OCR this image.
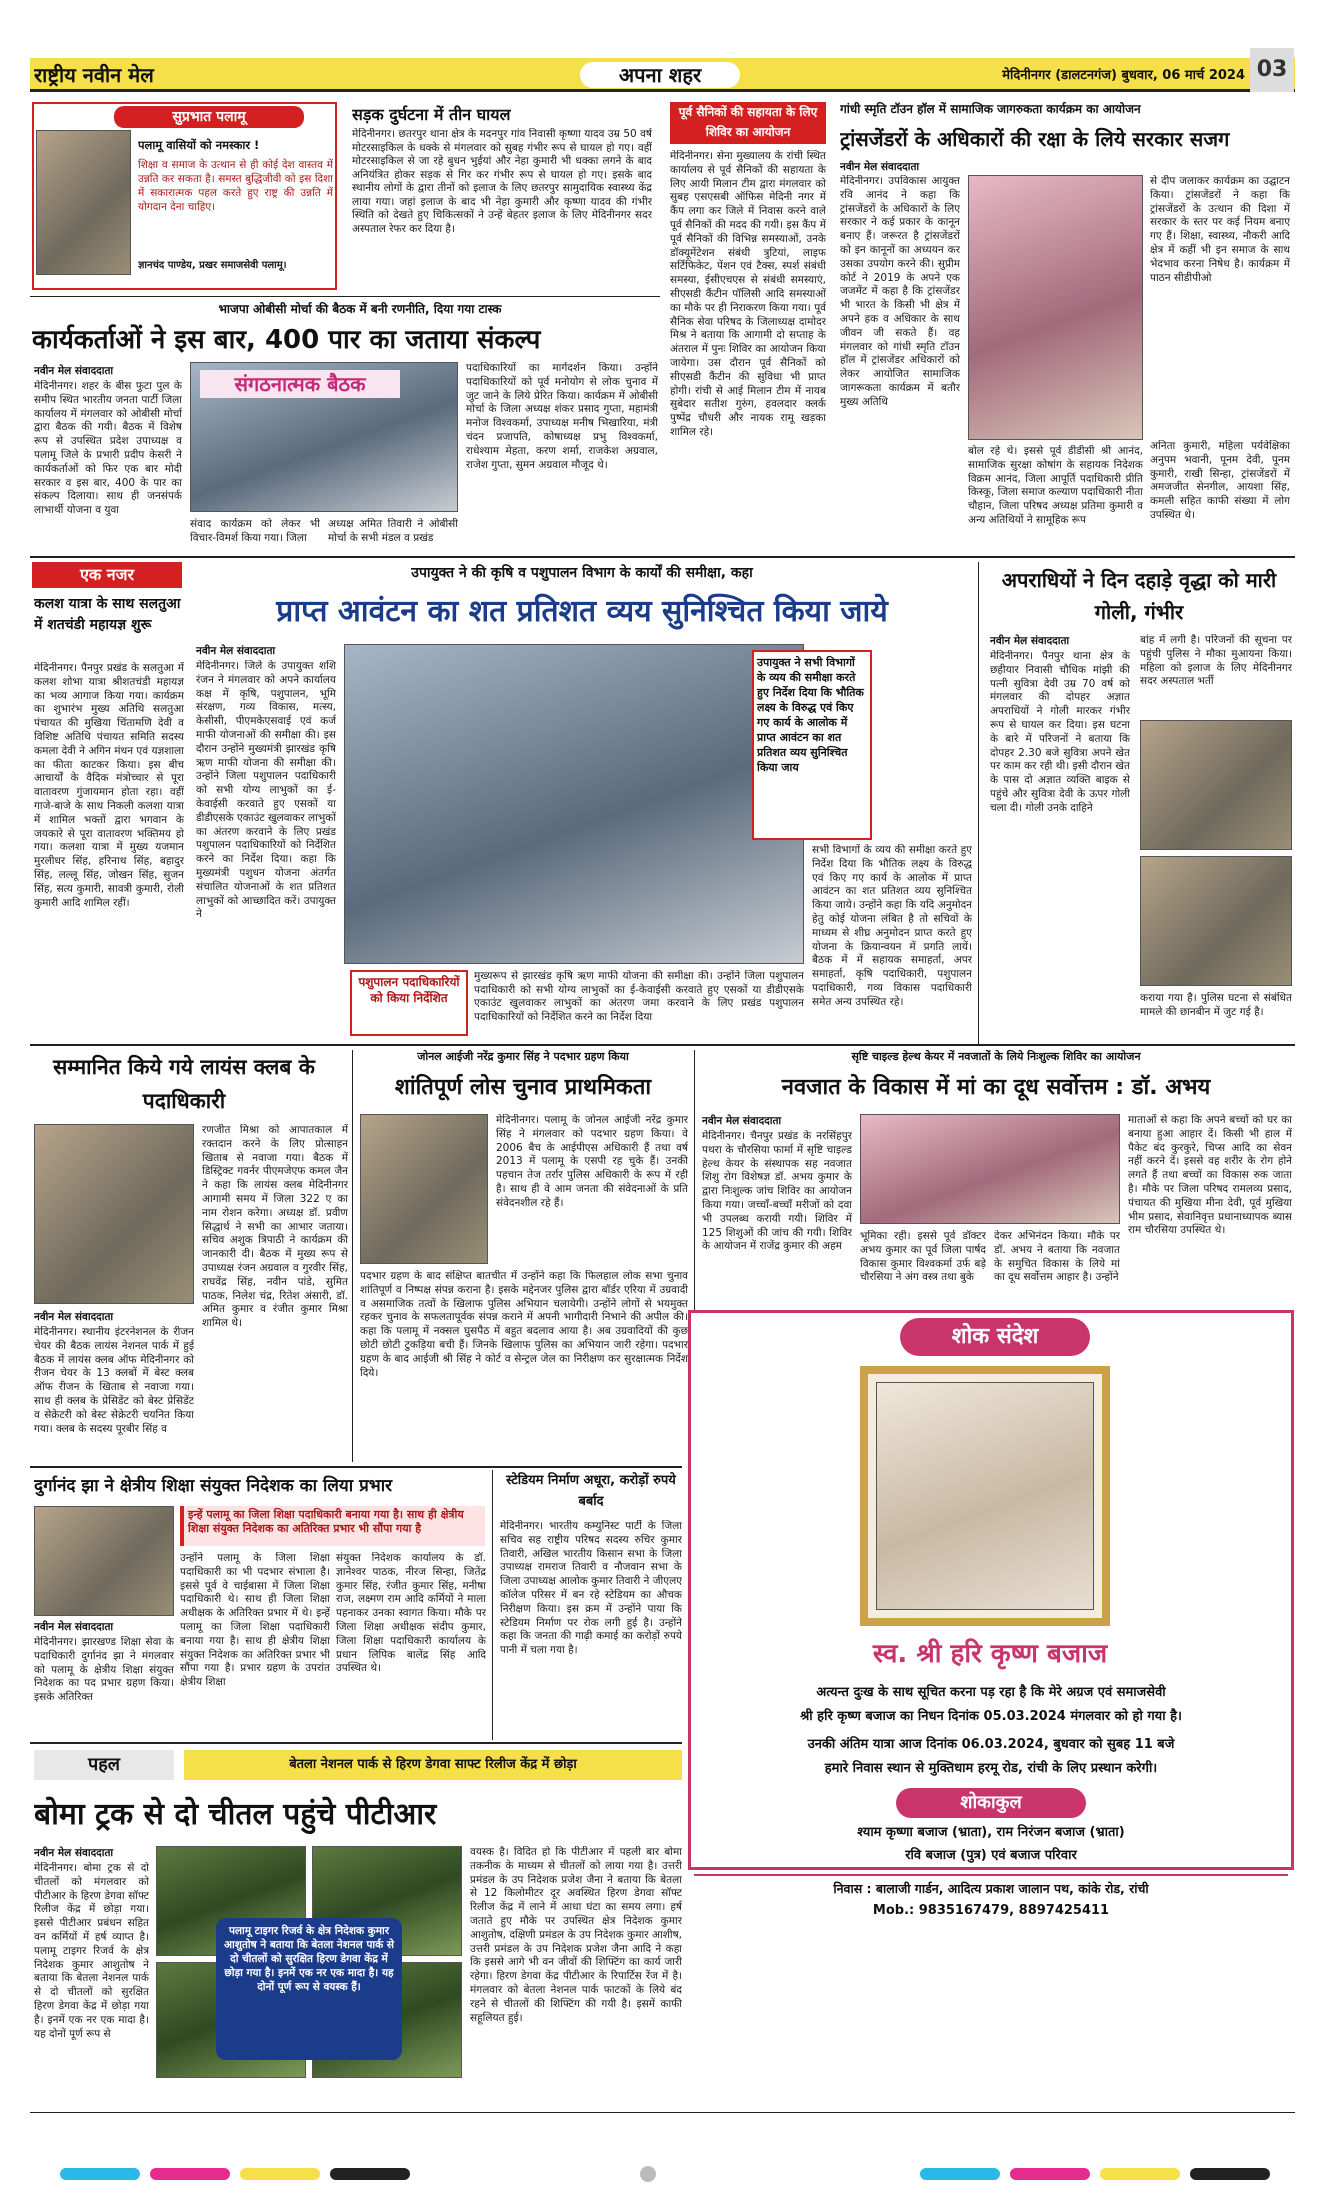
राष्ट्रीय नवीन मेल	अपना शहर	मेदिनीनगर (डालटनगंज) बुधवार, 06 मार्च 2024 03
सुप्रभात पलामू
पलामू वासियों को नमस्कार !
शिक्षा व समाज के उत्थान से ही कोई देश वास्तव में उन्नति कर सकता है। समस्त बुद्धिजीवी को इस दिशा में सकारात्मक पहल करते हुए राष्ट्र की उन्नति में योगदान देना चाहिए।
ज्ञानचंद पाण्डेय, प्रखर समाजसेवी पलामू।
सड़क दुर्घटना में तीन घायल
मेदिनीनगर। छतरपुर थाना क्षेत्र के मदनपुर गांव निवासी कृष्णा यादव उम्र 50 वर्ष मोटरसाइकिल के धक्के से मंगलवार को सुबह गंभीर रूप से घायल हो गए। वहीं मोटरसाइकिल से जा रहे बुधन भुईयां और नेहा कुमारी भी धक्का लगने के बाद अनियंत्रित होकर सड़क से गिर कर गंभीर रूप से घायल हो गए। इसके बाद स्थानीय लोगों के द्वारा तीनों को इलाज के लिए छतरपुर सामुदायिक स्वास्थ्य केंद्र लाया गया। जहां इलाज के बाद भी नेहा कुमारी और कृष्णा यादव की गंभीर स्थिति को देखते हुए चिकित्सकों ने उन्हें बेहतर इलाज के लिए मेदिनीनगर सदर अस्पताल रेफर कर दिया है।
पूर्व सैनिकों की सहायता के लिए शिविर का आयोजन
मेदिनीनगर। सेना मुख्यालय के रांची स्थित कार्यालय से पूर्व सैनिकों की सहायता के लिए आयी मिलान टीम द्वारा मंगलवार को सुबह एसएसबी ऑफिस मेदिनी नगर में कैंप लगा कर जिले में निवास करने वाले पूर्व सैनिकों की मदद की गयी। इस कैंप में पूर्व सैनिकों की विभिन्न समस्याओं, उनके डॉक्यूमेंटेशन संबंधी त्रुटियां, लाइफ सर्टिफिकेट, पेंशन एवं टैक्स, स्पर्श संबंधी समस्या, ईसीएचएस से संबंधी समस्याएं, सीएसडी कैंटीन पॉलिसी आदि समस्याओं का मौके पर ही निराकरण किया गया। पूर्व सैनिक सेवा परिषद के जिलाध्यक्ष दामोदर मिश्र ने बताया कि आगामी दो सप्ताह के अंतराल में पुनः शिविर का आयोजन किया जायेगा। उस दौरान पूर्व सैनिकों को सीएसडी कैंटीन की सुविधा भी प्राप्त होगी। रांची से आई मिलान टीम में नायब सुबेदार सतीश गुरुंग, हवलदार क्लर्क पुष्पेंद्र चौधरी और नायक रामू खड़का शामिल रहे।
गांधी स्मृति टॉउन हॉल में सामाजिक जागरुकता कार्यक्रम का आयोजन
ट्रांसजेंडरों के अधिकारों की रक्षा के लिये सरकार सजग
नवीन मेल संवाददाता
मेदिनीनगर। उपविकास आयुक्त रवि आनंद ने कहा कि ट्रांसजेंडरों के अधिकारों के लिए सरकार ने कई प्रकार के कानून बनाए हैं। जरूरत है ट्रांसजेंडरों को इन कानूनों का अध्ययन कर उसका उपयोग करने की। सुप्रीम कोर्ट ने 2019 के अपने एक जजमेंट में कहा है कि ट्रांसजेंडर भी भारत के किसी भी क्षेत्र में अपने हक व अधिकार के साथ जीवन जी सकते हैं। वह मंगलवार को गांधी स्मृति टॉउन हॉल में ट्रांसजेंडर अधिकारों को लेकर आयोजित सामाजिक जागरूकता कार्यक्रम में बतौर मुख्य अतिथि
बोल रहे थे। इससे पूर्व डीडीसी श्री आनंद, सामाजिक सुरक्षा कोषांग के सहायक निदेशक विक्रम आनंद, जिला आपूर्ति पदाधिकारी प्रीति किस्कू, जिला समाज कल्याण पदाधिकारी नीता चौहान, जिला परिषद अध्यक्ष प्रतिमा कुमारी व अन्य अतिथियों ने सामूहिक रूप
से दीप जलाकर कार्यक्रम का उद्घाटन किया। ट्रांसजेंडरों ने कहा कि ट्रांसजेंडरों के उत्थान की दिशा में सरकार के स्तर पर कई नियम बनाए गए हैं। शिक्षा, स्वास्थ्य, नौकरी आदि क्षेत्र में कहीं भी इन समाज के साथ भेदभाव करना निषेध है। कार्यक्रम में पाठन सीडीपीओ
अनिता कुमारी, महिला पर्यवेक्षिका अनुपम भवानी, पूनम देवी, पूनम कुमारी, राखी सिन्हा, ट्रांसजेंडरों में अमजजीत सेनगील, आयशा सिंह, कमली सहित काफी संख्या में लोग उपस्थित थे।
भाजपा ओबीसी मोर्चा की बैठक में बनी रणनीति, दिया गया टास्क
कार्यकर्ताओं ने इस बार, 400 पार का जताया संकल्प
नवीन मेल संवाददाता
मेदिनीनगर। शहर के बीस फुटा पुल के समीप स्थित भारतीय जनता पार्टी जिला कार्यालय में मंगलवार को ओबीसी मोर्चा द्वारा बैठक की गयी। बैठक में विशेष रूप से उपस्थित प्रदेश उपाध्यक्ष व पलामू जिले के प्रभारी प्रदीप केसरी ने कार्यकर्ताओं को फिर एक बार मोदी सरकार व इस बार, 400 के पार का संकल्प दिलाया। साथ ही जनसंपर्क लाभार्थी योजना व युवा
संगठनात्मक बैठक
संवाद कार्यक्रम को लेकर भी विचार-विमर्श किया गया। जिला
अध्यक्ष अमित तिवारी ने ओबीसी मोर्चा के सभी मंडल व प्रखंड
पदाधिकारियों का मार्गदर्शन किया। उन्होंने पदाधिकारियों को पूर्व मनोयोग से लोक चुनाव में जुट जाने के लिये प्रेरित किया। कार्यक्रम में ओबीसी मोर्चा के जिला अध्यक्ष शंकर प्रसाद गुप्ता, महामंत्री मनोज विश्वकर्मा, उपाध्यक्ष मनीष भिखारिया, मंत्री चंदन प्रजापति, कोषाध्यक्ष प्रभु विश्वकर्मा, राधेश्याम मेहता, करण शर्मा, राजकेश अग्रवाल, राजेश गुप्ता, सुमन अग्रवाल मौजूद थे।
एक नजर
कलश यात्रा के साथ सलतुआ में शतचंडी महायज्ञ शुरू
मेदिनीनगर। पैनपुर प्रखंड के सलतुआ में कलश शोभा यात्रा श्रीशतचंडी महायज्ञ का भव्य आगाज किया गया। कार्यक्रम का शुभारंभ मुख्य अतिथि सलतुआ पंचायत की मुखिया चिंतामणि देवी व विशिष्ट अतिथि पंचायत समिति सदस्य कमला देवी ने अगिन मंथन एवं यज्ञशाला का फीता काटकर किया। इस बीच आचार्यों के वैदिक मंत्रोच्चार से पूरा वातावरण गुंजायमान होता रहा। वहीं गाजे-बाजे के साथ निकली कलशा यात्रा में शामिल भक्तों द्वारा भगवान के जयकारे से पूरा वातावरण भक्तिमय हो गया। कलशा यात्रा में मुख्य यजमान मुरलीधर सिंह, हरिनाथ सिंह, बहादुर सिंह, लल्लू सिंह, जोखन सिंह, सुजन सिंह, सत्य कुमारी, सावत्री कुमारी, रोली कुमारी आदि शामिल रहीं।
उपायुक्त ने की कृषि व पशुपालन विभाग के कार्यों की समीक्षा, कहा
प्राप्त आवंटन का शत प्रतिशत व्यय सुनिश्चित किया जाये
नवीन मेल संवाददाता
मेदिनीनगर। जिले के उपायुक्त शशि रंजन ने मंगलवार को अपने कार्यालय कक्ष में कृषि, पशुपालन, भूमि संरक्षण, गव्य विकास, मत्स्य, केसीसी, पीएमकेएसवाई एवं कर्ज माफी योजनाओं की समीक्षा की। इस दौरान उन्होंने मुख्यमंत्री झारखंड कृषि ऋण माफी योजना की समीक्षा की। उन्होंने जिला पशुपालन पदाधिकारी को सभी योग्य लाभुकों का ई-केवाईसी करवाते हुए एसकों या डीडीएसके एकाउंट खुलवाकर लाभुकों का अंतरण करवाने के लिए प्रखंड पशुपालन पदाधिकारियों को निर्देशित करने का निर्देश दिया। कहा कि मुख्यमंत्री पशुधन योजना अंतर्गत संचालित योजनाओं के शत प्रतिशत लाभुकों को आच्छादित करें। उपायुक्त ने
पशुपालन पदाधिकारियों को किया निर्देशित
मुख्यरूप से झारखंड कृषि ऋण माफी योजना की समीक्षा की। उन्होंने जिला पशुपालन पदाधिकारी को सभी योग्य लाभुकों का ई-केवाईसी करवाते हुए एसकों या डीडीएसके एकाउंट खुलवाकर लाभुकों का अंतरण जमा करवाने के लिए प्रखंड पशुपालन पदाधिकारियों को निर्देशित करने का निर्देश दिया
उपायुक्त ने सभी विभागों के व्यय की समीक्षा करते हुए निर्देश दिया कि भौतिक लक्ष्य के विरुद्ध एवं किए गए कार्य के आलोक में प्राप्त आवंटन का शत प्रतिशत व्यय सुनिश्चित किया जाय
सभी विभागों के व्यय की समीक्षा करते हुए निर्देश दिया कि भौतिक लक्ष्य के विरुद्ध एवं किए गए कार्य के आलोक में प्राप्त आवंटन का शत प्रतिशत व्यय सुनिश्चित किया जाये। उन्होंने कहा कि यदि अनुमोदन हेतु कोई योजना लंबित है तो सचिवों के माध्यम से शीघ्र अनुमोदन प्राप्त करते हुए योजना के क्रियान्वयन में प्रगति लायें। बैठक में में सहायक समाहर्ता, अपर समाहर्ता, कृषि पदाधिकारी, पशुपालन पदाधिकारी, गव्य विकास पदाधिकारी समेत अन्य उपस्थित रहे।
अपराधियों ने दिन दहाड़े वृद्धा को मारी गोली, गंभीर
नवीन मेल संवाददाता
मेदिनीनगर। पैनपुर थाना क्षेत्र के छहीयार निवासी चौधिक मांझी की पत्नी सुवित्रा देवी उम्र 70 वर्ष को मंगलवार की दोपहर अज्ञात अपराधियों ने गोली मारकर गंभीर रूप से घायल कर दिया। इस घटना के बारे में परिजनों ने बताया कि दोपहर 2.30 बजे सुवित्रा अपने खेत पर काम कर रही थी। इसी दौरान खेत के पास दो अज्ञात व्यक्ति बाइक से पहुंचे और सुवित्रा देवी के ऊपर गोली चला दी। गोली उनके दाहिने
बांह में लगी है। परिजनों की सूचना पर पहुंची पुलिस ने मौका मुआयना किया। महिला को इलाज के लिए मेदिनीनगर सदर अस्पताल भर्ती
कराया गया है। पुलिस घटना से संबंधित मामले की छानबीन में जुट गई है।
सम्मानित किये गये लायंस क्लब के पदाधिकारी
नवीन मेल संवाददाता
मेदिनीनगर। स्थानीय इंटरनेशनल के रीजन चेयर की बैठक लायंस नेशनल पार्क में हुई बैठक में लायंस क्लब ऑफ मेदिनीनगर को रीजन चेयर के 13 क्लबों में बेस्ट क्लब ऑफ रीजन के खिताब से नवाजा गया। साथ ही क्लब के प्रेसिडेंट को बेस्ट प्रेसिडेंट व सेक्रेटरी को बेस्ट सेक्रेटरी चयनित किया गया। क्लब के सदस्य पूरबीर सिंह व
रणजीत मिश्रा को आपातकाल में रक्तदान करने के लिए प्रोत्साहन खिताब से नवाजा गया। बैठक में डिस्ट्रिक्ट गवर्नर पीएमजेएफ कमल जैन ने कहा कि लायंस क्लब मेदिनीनगर आगामी समय में जिला 322 ए का नाम रोशन करेगा। अध्यक्ष डॉ. प्रवीण सिद्धार्थ ने सभी का आभार जताया। सचिव अशुक त्रिपाठी ने कार्यक्रम की जानकारी दी। बैठक में मुख्य रूप से उपाध्यक्ष रंजन अग्रवाल व गुरवीर सिंह, राघवेंद्र सिंह, नवीन पांडे, सुमित पाठक, निलेश चंद्र, रितेश अंसारी, डॉ. अमित कुमार व रंजीत कुमार मिश्रा शामिल थे।
जोनल आईजी नरेंद्र कुमार सिंह ने पदभार ग्रहण किया
शांतिपूर्ण लोस चुनाव प्राथमिकता
मेदिनीनगर। पलामू के जोनल आईजी नरेंद्र कुमार सिंह ने मंगलवार को पदभार ग्रहण किया। वे 2006 बैच के आईपीएस अधिकारी हैं तथा वर्ष 2013 में पलामू के एसपी रह चुके हैं। उनकी पहचान तेज तर्रार पुलिस अधिकारी के रूप में रही है। साथ ही वे आम जनता की संवेदनाओं के प्रति संवेदनशील रहे हैं।
पदभार ग्रहण के बाद संक्षिप्त बातचीत में उन्होंने कहा कि फिलहाल लोक सभा चुनाव शांतिपूर्ण व निष्पक्ष संपन्न कराना है। इसके मद्देनजर पुलिस द्वारा बॉर्डर एरिया में उग्रवादी व असमाजिक तत्वों के खिलाफ पुलिस अभियान चलायेगी। उन्होंने लोगों से भयमुक्त रहकर चुनाव के सफलतापूर्वक संपन्न कराने में अपनी भागीदारी निभाने की अपील की। कहा कि पलामू में नक्सल घुसपैठ में बहुत बदलाव आया है। अब उग्रवादियों की कुछ छोटी छोटी टुकड़िया बची हैं। जिनके खिलाफ पुलिस का अभियान जारी रहेगा। पदभार ग्रहण के बाद आईजी श्री सिंह ने कोर्ट व सेन्ट्रल जेल का निरीक्षण कर सुरक्षात्मक निर्देश दिये।
सृष्टि चाइल्ड हेल्थ केयर में नवजातों के लिये निःशुल्क शिविर का आयोजन
नवजात के विकास में मां का दूध सर्वोत्तम : डॉ. अभय
नवीन मेल संवाददाता
मेदिनीनगर। चैनपुर प्रखंड के नरसिंहपुर पथरा के चौरसिया फार्मा में सृष्टि चाइल्ड हेल्थ केयर के संस्थापक सह नवजात शिशु रोग विशेषज्ञ डॉ. अभय कुमार के द्वारा निःशुल्क जांच शिविर का आयोजन किया गया। जच्चाँ-बच्चाँ मरीजों को दवा भी उपलब्ध करायी गयी। शिविर में 125 शिशुओं की जांच की गयी। शिविर के आयोजन में राजेंद्र कुमार की अहम
भूमिका रही। इससे पूर्व डॉक्टर अभय कुमार का पूर्व जिला पार्षद विकास कुमार विश्वकर्मा उर्फ बड़े चौरसिया ने अंग वस्त्र तथा बुके
देकर अभिनंदन किया। मौके पर डॉ. अभय ने बताया कि नवजात के समुचित विकास के लिये मां का दूध सर्वोत्तम आहार है। उन्होंने
माताओं से कहा कि अपने बच्चों को घर का बनाया हुआ आहार दें। किसी भी हाल में पैकेट बंद कुरकुरे, चिप्स आदि का सेवन नहीं करने दें। इससे वह शरीर के रोग होने लगते हैं तथा बच्चों का विकास रुक जाता है। मौके पर जिला परिषद रामलव्य प्रसाद, पंचायत की मुखिया मीना देवी, पूर्व मुखिया भीम प्रसाद, सेवानिवृत्त प्रधानाध्यापक ब्यास राम चौरसिया उपस्थित थे।
शोक संदेश
स्व. श्री हरि कृष्ण बजाज
अत्यन्त दुःख के साथ सूचित करना पड़ रहा है कि मेरे अग्रज एवं समाजसेवी
श्री हरि कृष्ण बजाज का निधन दिनांक 05.03.2024 मंगलवार को हो गया है।
उनकी अंतिम यात्रा आज दिनांक 06.03.2024, बुधवार को सुबह 11 बजे
हमारे निवास स्थान से मुक्तिधाम हरमू रोड, रांची के लिए प्रस्थान करेगी।
शोकाकुल
श्याम कृष्णा बजाज (भ्राता), राम निरंजन बजाज (भ्राता)
रवि बजाज (पुत्र) एवं बजाज परिवार
निवास : बालाजी गार्डन, आदित्य प्रकाश जालान पथ, कांके रोड, रांची
Mob.: 9835167479, 8897425411
दुर्गानंद झा ने क्षेत्रीय शिक्षा संयुक्त निदेशक का लिया प्रभार
नवीन मेल संवाददाता
मेदिनीनगर। झारखण्ड शिक्षा सेवा के पदाधिकारी दुर्गानंद झा ने मंगलवार को पलामू के क्षेत्रीय शिक्षा संयुक्त निदेशक का पद प्रभार ग्रहण किया। इसके अतिरिक्त
इन्हें पलामू का जिला शिक्षा पदाधिकारी बनाया गया है। साथ ही क्षेत्रीय शिक्षा संयुक्त निदेशक का अतिरिक्त प्रभार भी सौंपा गया है
उन्होंने पलामू के जिला शिक्षा पदाधिकारी का भी पदभार संभाला है। इससे पूर्व वे चाईबासा में जिला शिक्षा पदाधिकारी थे। साथ ही जिला शिक्षा अधीक्षक के अतिरिक्त प्रभार में थे। इन्हें पलामू का जिला शिक्षा पदाधिकारी बनाया गया है। साथ ही क्षेत्रीय शिक्षा संयुक्त निदेशक का अतिरिक्त प्रभार भी सौंपा गया है। प्रभार ग्रहण के उपरांत क्षेत्रीय शिक्षा
संयुक्त निदेशक कार्यालय के डॉ. ज्ञानेश्वर पाठक, नीरज सिन्हा, जितेंद्र कुमार सिंह, रंजीत कुमार सिंह, मनीषा राज, लक्ष्मण राम आदि कर्मियों ने माला पहनाकर उनका स्वागत किया। मौके पर जिला शिक्षा अधीक्षक संदीप कुमार, जिला शिक्षा पदाधिकारी कार्यालय के प्रधान लिपिक बालेंद्र सिंह आदि उपस्थित थे।
स्टेडियम निर्माण अधूरा, करोड़ों रुपये बर्बाद
मेदिनीनगर। भारतीय कम्युनिस्ट पार्टी के जिला सचिव सह राष्ट्रीय परिषद सदस्य रुचिर कुमार तिवारी, अखिल भारतीय किसान सभा के जिला उपाध्यक्ष रामराज तिवारी व नौजवान सभा के जिला उपाध्यक्ष आलोक कुमार तिवारी ने जीएलए कॉलेज परिसर में बन रहे स्टेडियम का औचक निरीक्षण किया। इस क्रम में उन्होंने पाया कि स्टेडियम निर्माण पर रोक लगी हुई है। उन्होंने कहा कि जनता की गाढ़ी कमाई का करोड़ों रुपये पानी में चला गया है।
पहल	बेतला नेशनल पार्क से हिरण डेगवा साफ्ट रिलीज केंद्र में छोड़ा
बोमा ट्रक से दो चीतल पहुंचे पीटीआर
नवीन मेल संवाददाता
मेदिनीनगर। बोमा ट्रक से दो चीतलों को मंगलवार को पीटीआर के हिरण डेगवा सॉफ्ट रिलीज केंद्र में छोड़ा गया। इससे पीटीआर प्रबंधन सहित वन कर्मियों में हर्ष व्याप्त है। पलामू टाइगर रिजर्व के क्षेत्र निदेशक कुमार आशुतोष ने बताया कि बेतला नेशनल पार्क से दो चीतलों को सुरक्षित हिरण डेगवा केंद्र में छोड़ा गया है। इनमें एक नर एक मादा है। यह दोनों पूर्ण रूप से
पलामू टाइगर रिजर्व के क्षेत्र निदेशक कुमार आशुतोष ने बताया कि बेतला नेशनल पार्क से दो चीतलों को सुरक्षित हिरण डेगवा केंद्र में छोड़ा गया है। इनमें एक नर एक मादा है। यह दोनों पूर्ण रूप से वयस्क हैं।
वयस्क है। विदित हो कि पीटीआर में पहली बार बोमा तकनीक के माध्यम से चीतलों को लाया गया है। उत्तरी प्रमंडल के उप निदेशक प्रजेश जैना ने बताया कि बेतला से 12 किलोमीटर दूर अवस्थित हिरण डेगवा सॉफ्ट रिलीज केंद्र में लाने में आधा घंटा का समय लगा। हर्ष जताते हुए मौके पर उपस्थित क्षेत्र निदेशक कुमार आशुतोष, दक्षिणी प्रमंडल के उप निदेशक कुमार आशीष, उत्तरी प्रमंडल के उप निदेशक प्रजेश जैना आदि ने कहा कि इससे आगे भी वन जीवों की शिफ्टिंग का कार्य जारी रहेगा। हिरण डेगवा केंद्र पीटीआर के रिपार्टिस रेंज में है। मंगलवार को बेतला नेशनल पार्क फाटकों के लिये बंद रहने से चीतलों की शिफ्टिंग की गयी है। इसमें काफी सहूलियत हुई।
